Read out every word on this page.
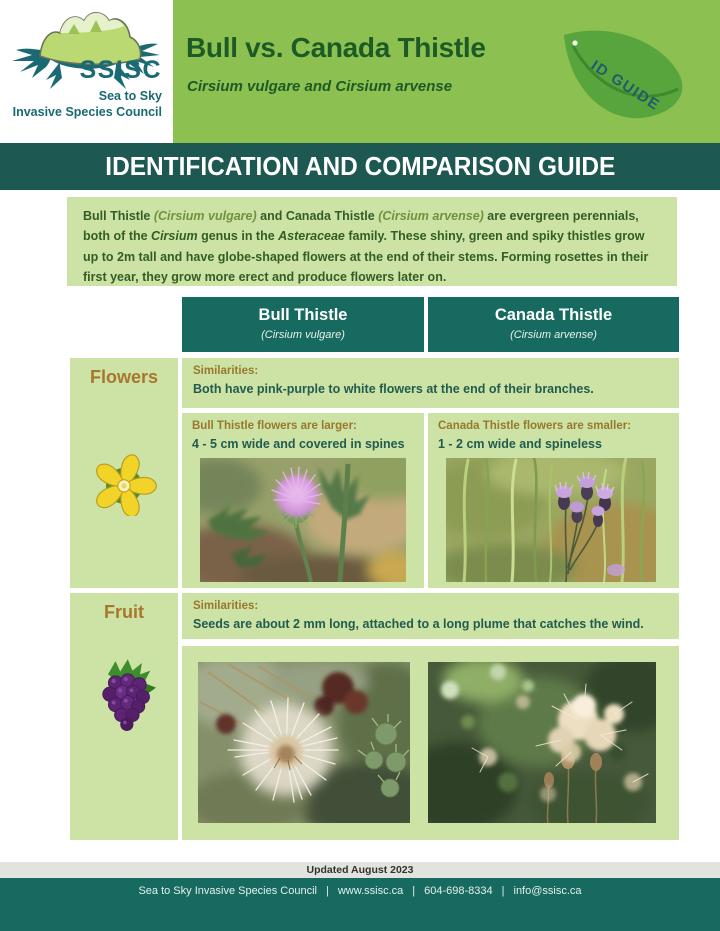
Bull vs. Canada Thistle
Cirsium vulgare and Cirsium arvense	ID GUIDE
SSISC
Sea to Sky
Invasive Species Council
IDENTIFICATION AND COMPARISON GUIDE
Bull Thistle (Cirsium vulgare) and Canada Thistle (Cirsium arvense) are evergreen perennials, both of the Cirsium genus in the Asteraceae family. These shiny, green and spiky thistles grow up to 2m tall and have globe-shaped flowers at the end of their stems. Forming rosettes in their first year, they grow more erect and produce flowers later on.
Bull Thistle
(Cirsium vulgare)
Canada Thistle
(Cirsium arvense)
Flowers	Similarities:
Both have pink-purple to white flowers at the end of their branches.
Bull Thistle flowers are larger:
4 - 5 cm wide and covered in spines
Canada Thistle flowers are smaller:
1 - 2 cm wide and spineless
Fruit	Similarities:
Seeds are about 2 mm long, attached to a long plume that catches the wind.
Updated August 2023
Sea to Sky Invasive Species Council | www.ssisc.ca | 604-698-8334 | info@ssisc.ca
